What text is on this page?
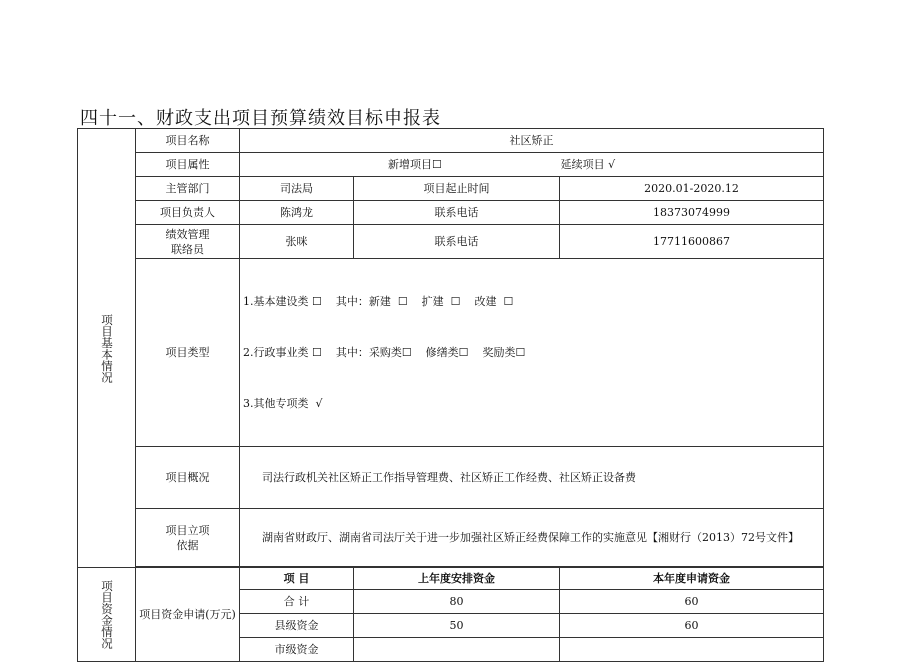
四十一、财政支出项目预算绩效目标申报表
项目基本情况	项目名称	社区矫正		
	项目属性	新增项目☐ 延续项目 √		
	主管部门	司法局	项目起止时间	2020.01-2020.12
	项目负责人	陈鸿龙	联系电话	18373074999

	绩效管理
联络员	张咪	联系电话	17711600867
	项目类型	1.基本建设类 ☐    其中：新建  ☐    扩建  ☐    改建  ☐

2.行政事业类 ☐    其中：采购类☐    修缮类☐    奖励类☐

3.其他专项类  √		

	项目概况	司法行政机关社区矫正工作指导管理费、社区矫正工作经费、社区矫正设备费		

	项目立项
依据	湖南省财政厅、湖南省司法厅关于进一步加强社区矫正经费保障工作的实施意见【湘财行（2013）72号文件】		

项目资金情况	项目资金申请(万元)	项 目	上年度安排资金	本年度申请资金
		合 计	80	60
		县级资金	50	60
		市级资金		
